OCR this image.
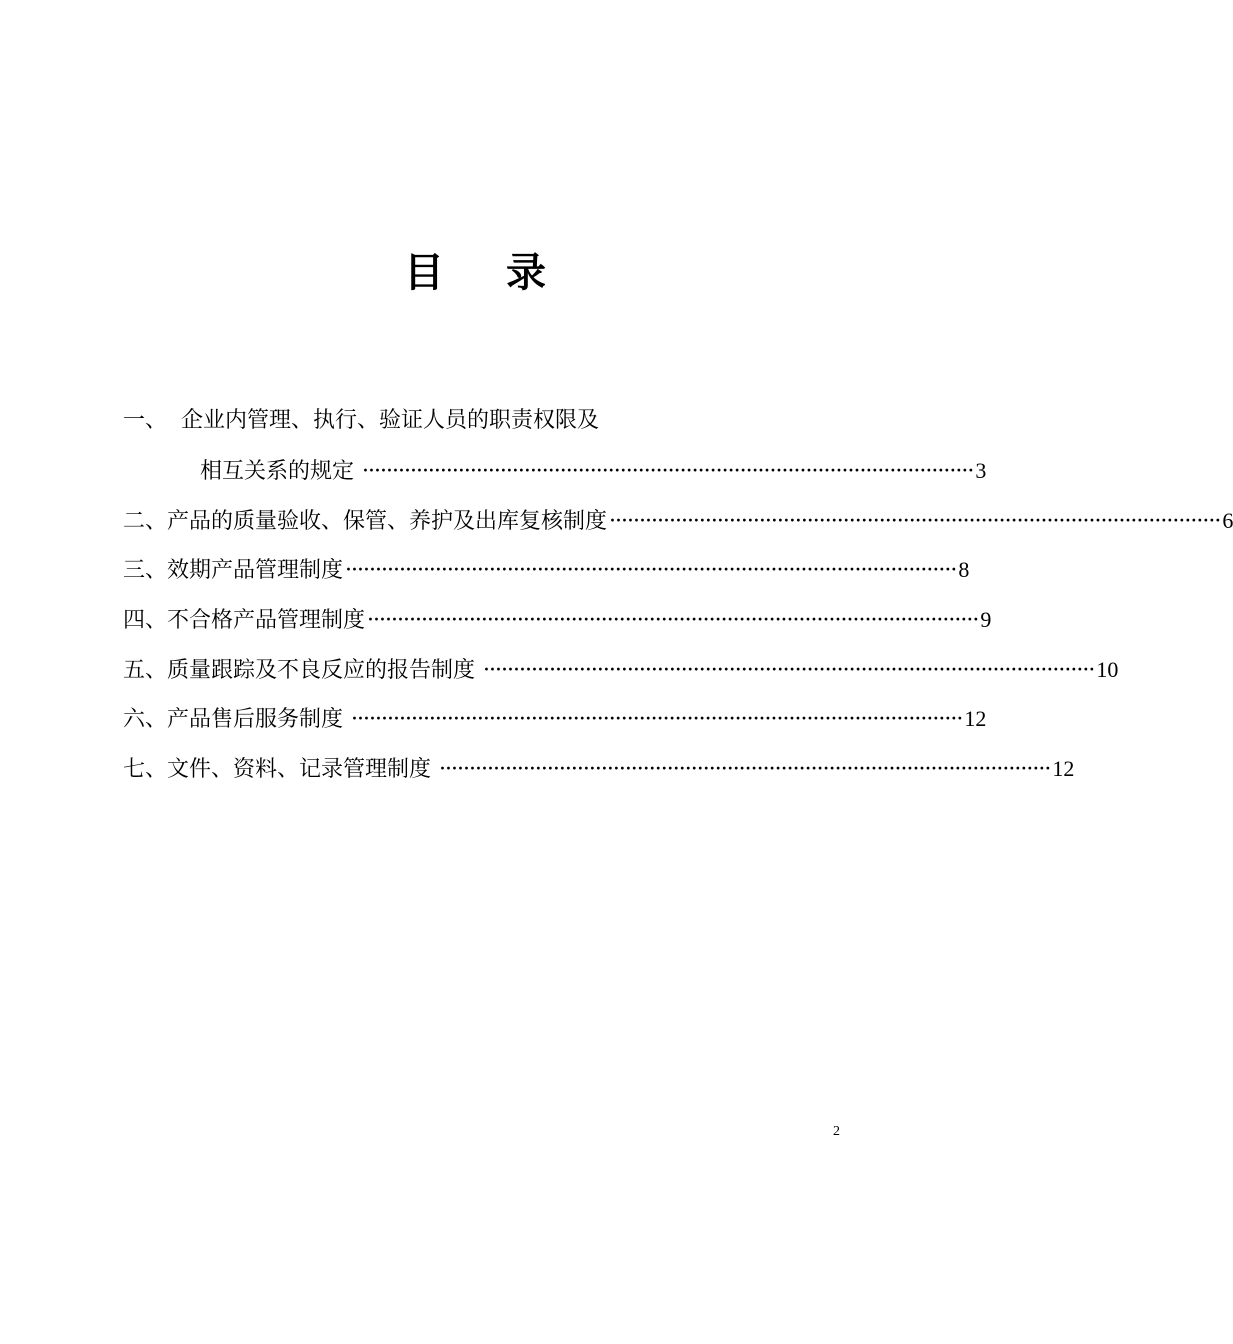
目 录
一、 企业内管理、执行、验证人员的职责权限及
相互关系的规定 ······································································································ 3
二、 产品的质量验收、保管、养护及出库复核制度 ······································································································ 6
三、 效期产品管理制度 ······································································································ 8
四、 不合格产品管理制度 ······································································································ 9
五、 质量跟踪及不良反应的报告制度 ······································································································ 10
六、 产品售后服务制度 ······································································································ 12
七、 文件、资料、记录管理制度 ······································································································ 12
2
